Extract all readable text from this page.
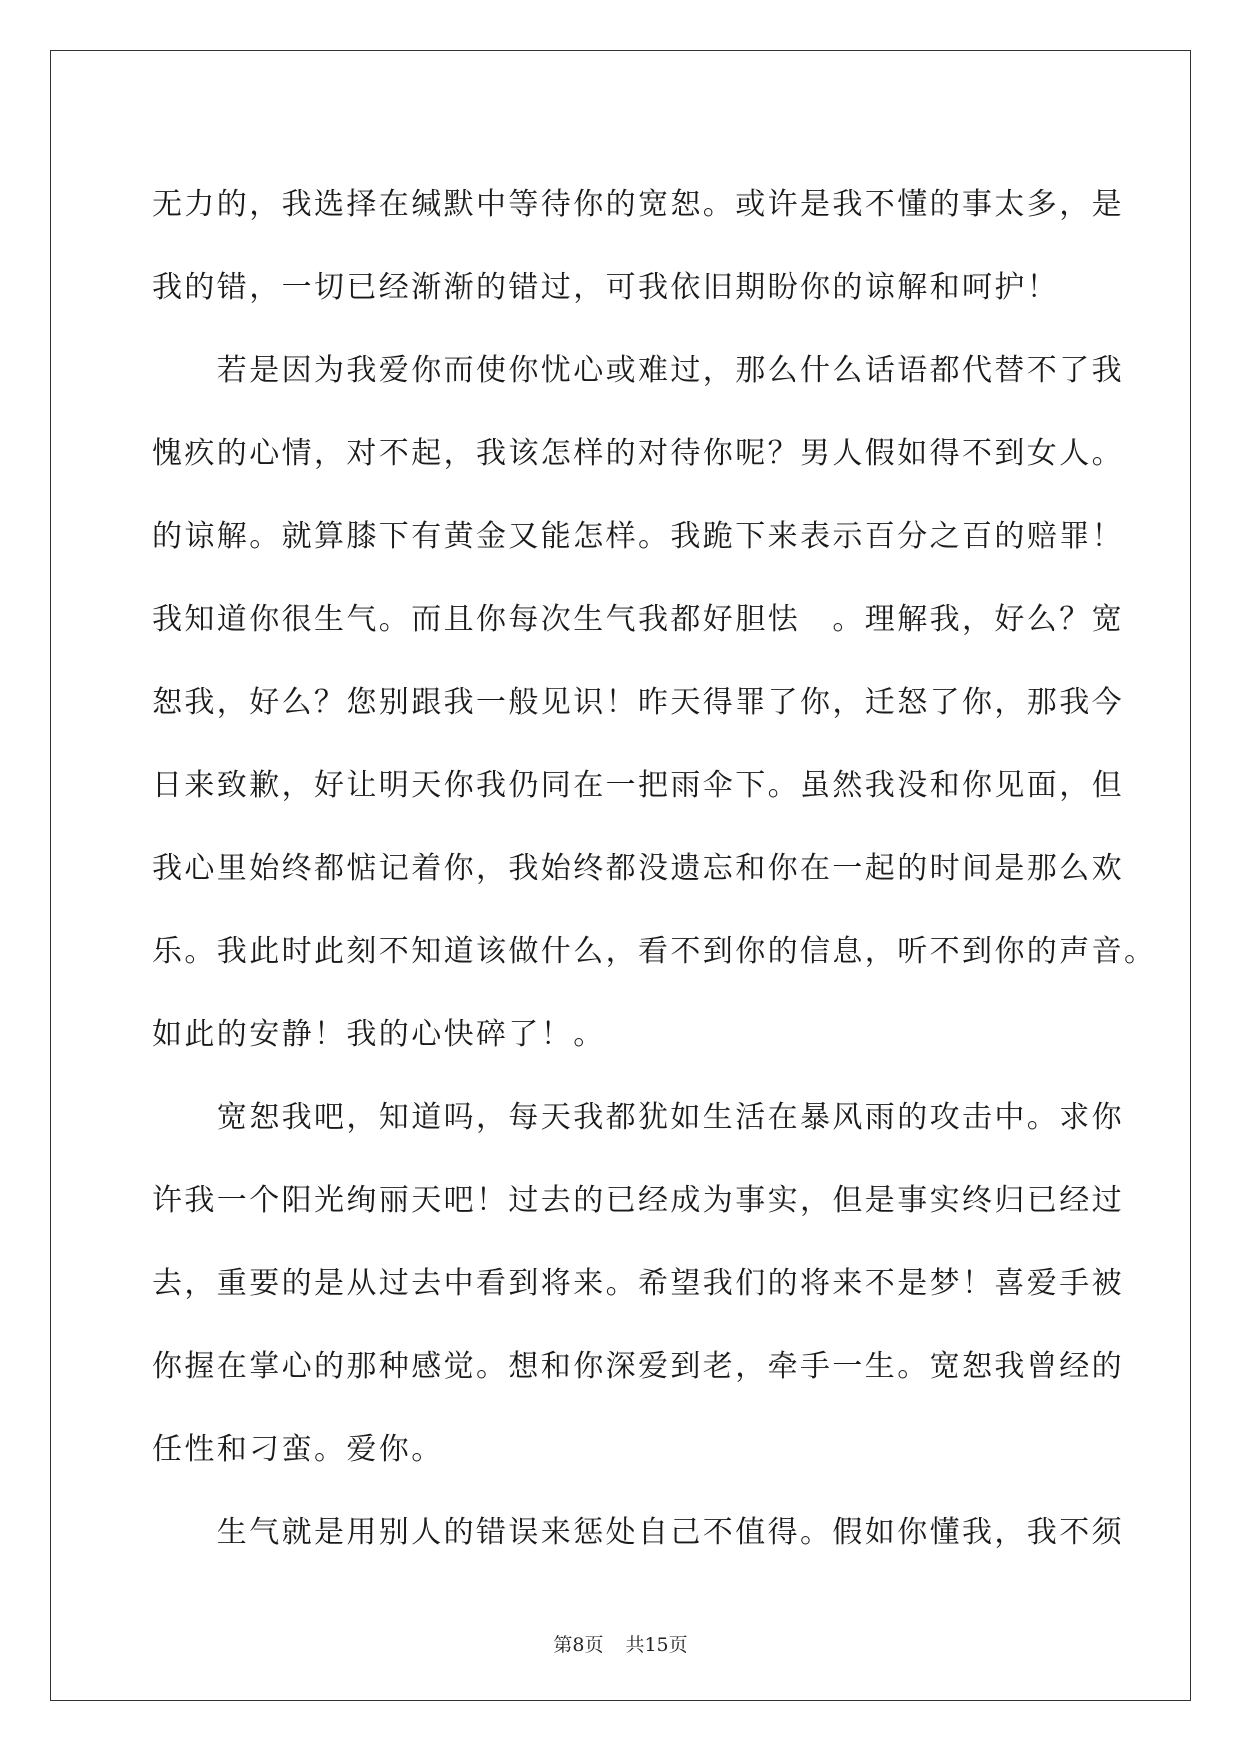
无力的，我选择在缄默中等待你的宽恕。或许是我不懂的事太多，是
我的错，一切已经渐渐的错过，可我依旧期盼你的谅解和呵护！
　　若是因为我爱你而使你忧心或难过，那么什么话语都代替不了我
愧疚的心情，对不起，我该怎样的对待你呢？男人假如得不到女人。
的谅解。就算膝下有黄金又能怎样。我跪下来表示百分之百的赔罪！
我知道你很生气。而且你每次生气我都好胆怯　。理解我，好么？宽
恕我，好么？您别跟我一般见识！昨天得罪了你，迁怒了你，那我今
日来致歉，好让明天你我仍同在一把雨伞下。虽然我没和你见面，但
我心里始终都惦记着你，我始终都没遗忘和你在一起的时间是那么欢
乐。我此时此刻不知道该做什么，看不到你的信息，听不到你的声音。
如此的安静！我的心快碎了！。
　　宽恕我吧，知道吗，每天我都犹如生活在暴风雨的攻击中。求你
许我一个阳光绚丽天吧！过去的已经成为事实，但是事实终归已经过
去，重要的是从过去中看到将来。希望我们的将来不是梦！喜爱手被
你握在掌心的那种感觉。想和你深爱到老，牵手一生。宽恕我曾经的
任性和刁蛮。爱你。
　　生气就是用别人的错误来惩处自己不值得。假如你懂我，我不须
第8页 共15页
